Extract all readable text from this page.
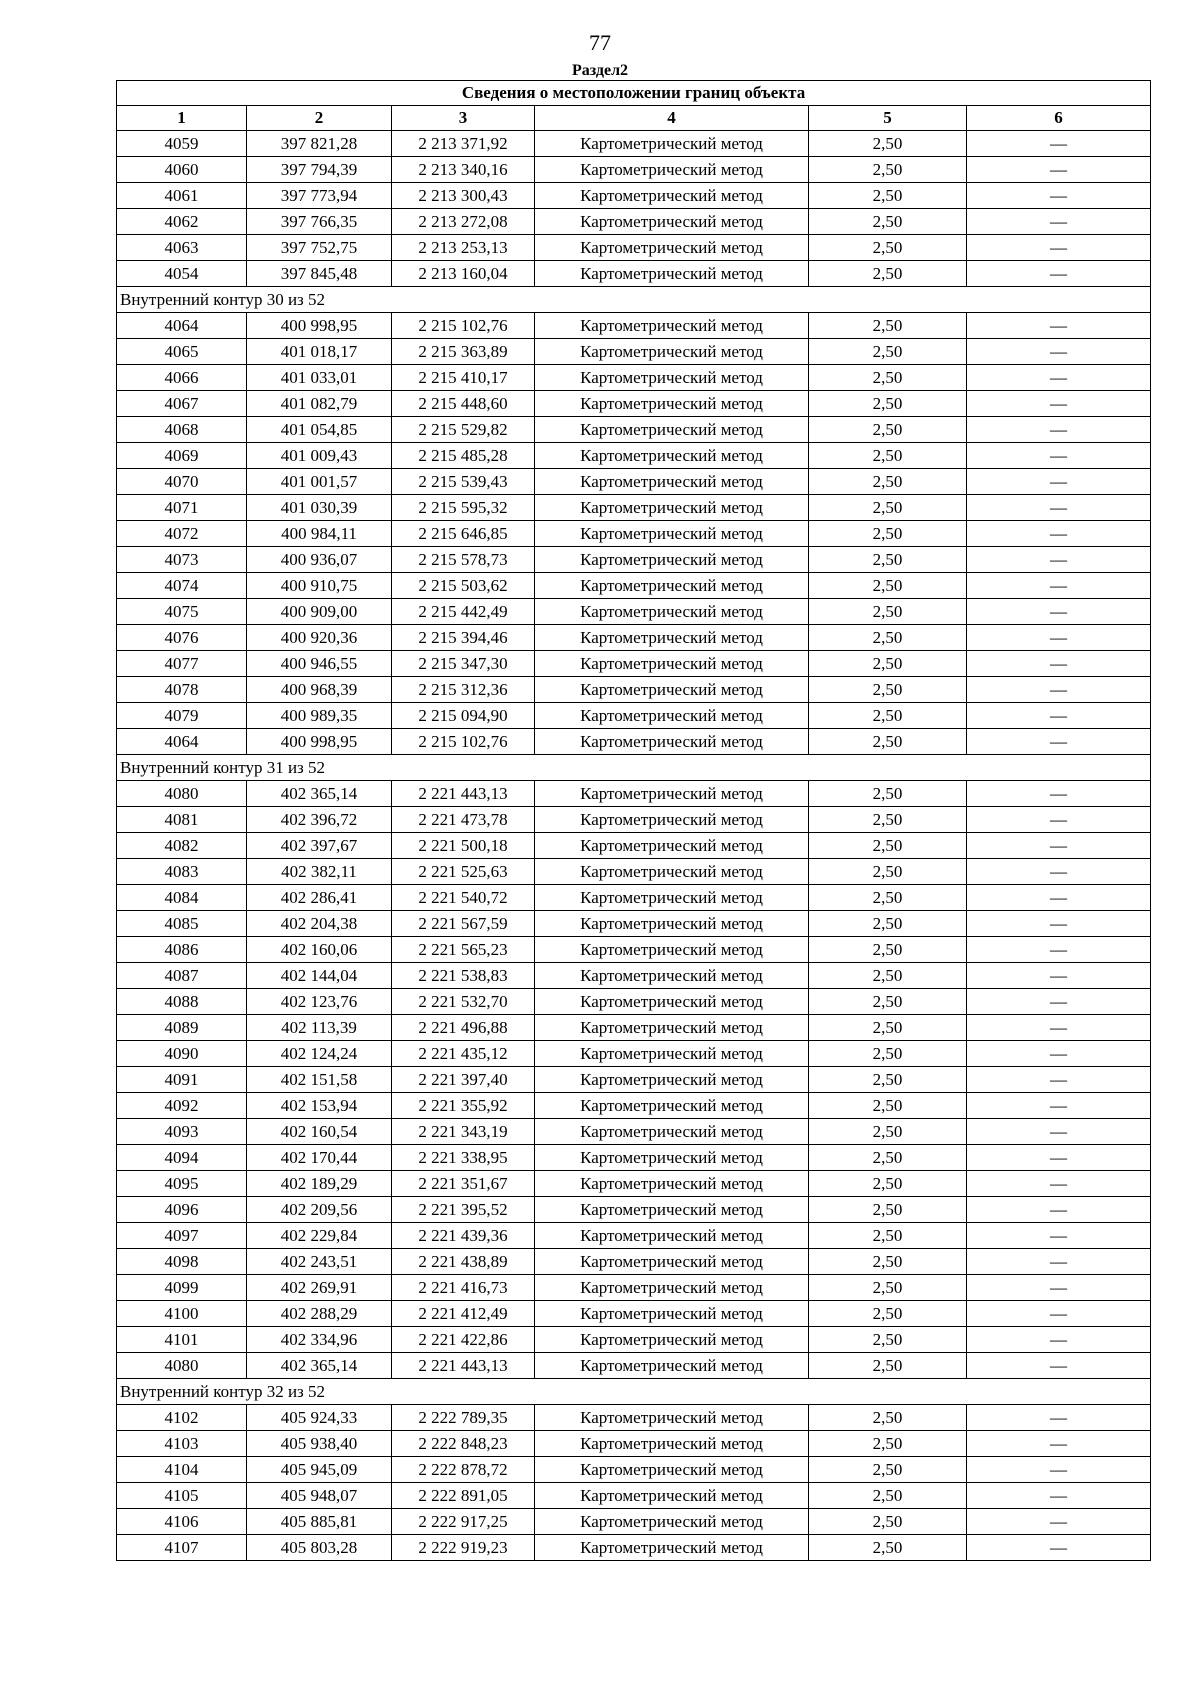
77
Раздел2
Сведения о местоположении границ объекта					
1	2	3	4	5	6
4059	397 821,28	2 213 371,92	Картометрический метод	2,50	—
4060	397 794,39	2 213 340,16	Картометрический метод	2,50	—
4061	397 773,94	2 213 300,43	Картометрический метод	2,50	—
4062	397 766,35	2 213 272,08	Картометрический метод	2,50	—
4063	397 752,75	2 213 253,13	Картометрический метод	2,50	—
4054	397 845,48	2 213 160,04	Картометрический метод	2,50	—
Внутренний контур 30 из 52					
4064	400 998,95	2 215 102,76	Картометрический метод	2,50	—
4065	401 018,17	2 215 363,89	Картометрический метод	2,50	—
4066	401 033,01	2 215 410,17	Картометрический метод	2,50	—
4067	401 082,79	2 215 448,60	Картометрический метод	2,50	—
4068	401 054,85	2 215 529,82	Картометрический метод	2,50	—
4069	401 009,43	2 215 485,28	Картометрический метод	2,50	—
4070	401 001,57	2 215 539,43	Картометрический метод	2,50	—
4071	401 030,39	2 215 595,32	Картометрический метод	2,50	—
4072	400 984,11	2 215 646,85	Картометрический метод	2,50	—
4073	400 936,07	2 215 578,73	Картометрический метод	2,50	—
4074	400 910,75	2 215 503,62	Картометрический метод	2,50	—
4075	400 909,00	2 215 442,49	Картометрический метод	2,50	—
4076	400 920,36	2 215 394,46	Картометрический метод	2,50	—
4077	400 946,55	2 215 347,30	Картометрический метод	2,50	—
4078	400 968,39	2 215 312,36	Картометрический метод	2,50	—
4079	400 989,35	2 215 094,90	Картометрический метод	2,50	—
4064	400 998,95	2 215 102,76	Картометрический метод	2,50	—
Внутренний контур 31 из 52					
4080	402 365,14	2 221 443,13	Картометрический метод	2,50	—
4081	402 396,72	2 221 473,78	Картометрический метод	2,50	—
4082	402 397,67	2 221 500,18	Картометрический метод	2,50	—
4083	402 382,11	2 221 525,63	Картометрический метод	2,50	—
4084	402 286,41	2 221 540,72	Картометрический метод	2,50	—
4085	402 204,38	2 221 567,59	Картометрический метод	2,50	—
4086	402 160,06	2 221 565,23	Картометрический метод	2,50	—
4087	402 144,04	2 221 538,83	Картометрический метод	2,50	—
4088	402 123,76	2 221 532,70	Картометрический метод	2,50	—
4089	402 113,39	2 221 496,88	Картометрический метод	2,50	—
4090	402 124,24	2 221 435,12	Картометрический метод	2,50	—
4091	402 151,58	2 221 397,40	Картометрический метод	2,50	—
4092	402 153,94	2 221 355,92	Картометрический метод	2,50	—
4093	402 160,54	2 221 343,19	Картометрический метод	2,50	—
4094	402 170,44	2 221 338,95	Картометрический метод	2,50	—
4095	402 189,29	2 221 351,67	Картометрический метод	2,50	—
4096	402 209,56	2 221 395,52	Картометрический метод	2,50	—
4097	402 229,84	2 221 439,36	Картометрический метод	2,50	—
4098	402 243,51	2 221 438,89	Картометрический метод	2,50	—
4099	402 269,91	2 221 416,73	Картометрический метод	2,50	—
4100	402 288,29	2 221 412,49	Картометрический метод	2,50	—
4101	402 334,96	2 221 422,86	Картометрический метод	2,50	—
4080	402 365,14	2 221 443,13	Картометрический метод	2,50	—
Внутренний контур 32 из 52					
4102	405 924,33	2 222 789,35	Картометрический метод	2,50	—
4103	405 938,40	2 222 848,23	Картометрический метод	2,50	—
4104	405 945,09	2 222 878,72	Картометрический метод	2,50	—
4105	405 948,07	2 222 891,05	Картометрический метод	2,50	—
4106	405 885,81	2 222 917,25	Картометрический метод	2,50	—
4107	405 803,28	2 222 919,23	Картометрический метод	2,50	—
